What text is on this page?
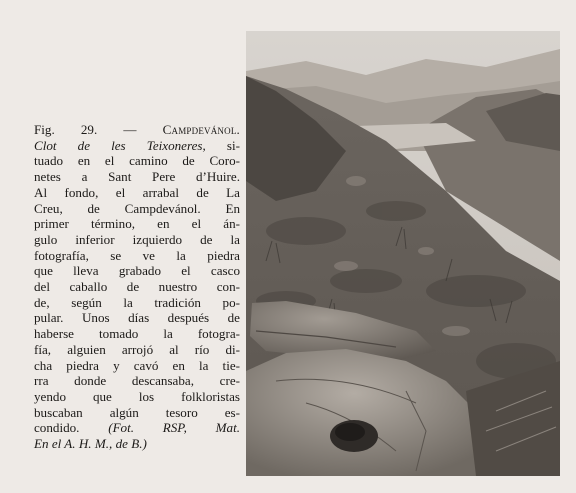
Fig. 29. — Campdevánol.
Clot de les Teixoneres, si-
tuado en el camino de Coro-
netes a Sant Pere d’Huire.
Al fondo, el arrabal de La
Creu, de Campdevánol. En
primer término, en el án-
gulo inferior izquierdo de la
fotografía, se ve la piedra
que lleva grabado el casco
del caballo de nuestro con-
de, según la tradición po-
pular. Unos días después de
haberse tomado la fotogra-
fía, alguien arrojó al río di-
cha piedra y cavó en la tie-
rra donde descansaba, cre-
yendo que los folkloristas
buscaban algún tesoro es-
condido. (Fot. RSP, Mat.
En el A. H. M., de B.)
